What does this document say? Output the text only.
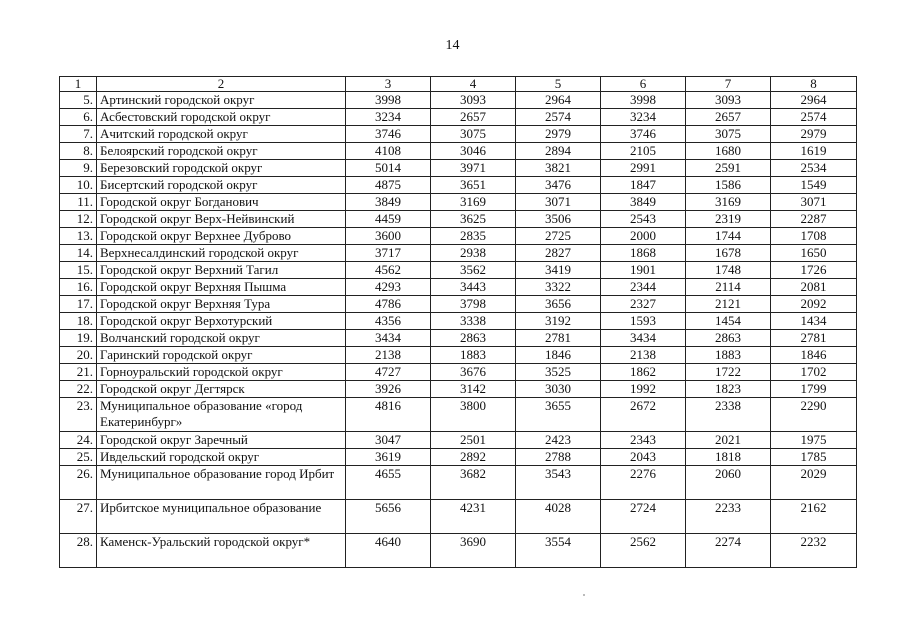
14
1	2	3	4	5	6	7	8
5.	Артинский городской округ	3998	3093	2964	3998	3093	2964
6.	Асбестовский городской округ	3234	2657	2574	3234	2657	2574
7.	Ачитский городской округ	3746	3075	2979	3746	3075	2979
8.	Белоярский городской округ	4108	3046	2894	2105	1680	1619
9.	Березовский городской округ	5014	3971	3821	2991	2591	2534
10.	Бисертский городской округ	4875	3651	3476	1847	1586	1549
11.	Городской округ Богданович	3849	3169	3071	3849	3169	3071
12.	Городской округ Верх-Нейвинский	4459	3625	3506	2543	2319	2287
13.	Городской округ Верхнее Дуброво	3600	2835	2725	2000	1744	1708
14.	Верхнесалдинский городской округ	3717	2938	2827	1868	1678	1650
15.	Городской округ Верхний Тагил	4562	3562	3419	1901	1748	1726
16.	Городской округ Верхняя Пышма	4293	3443	3322	2344	2114	2081
17.	Городской округ Верхняя Тура	4786	3798	3656	2327	2121	2092
18.	Городской округ Верхотурский	4356	3338	3192	1593	1454	1434
19.	Волчанский городской округ	3434	2863	2781	3434	2863	2781
20.	Гаринский городской округ	2138	1883	1846	2138	1883	1846
21.	Горноуральский городской округ	4727	3676	3525	1862	1722	1702
22.	Городской округ Дегтярск	3926	3142	3030	1992	1823	1799
23.	Муниципальное образование «город Екатеринбург»	4816	3800	3655	2672	2338	2290
24.	Городской округ Заречный	3047	2501	2423	2343	2021	1975
25.	Ивдельский городской округ	3619	2892	2788	2043	1818	1785
26.	Муниципальное образование город Ирбит	4655	3682	3543	2276	2060	2029
27.	Ирбитское муниципальное образование	5656	4231	4028	2724	2233	2162
28.	Каменск-Уральский городской округ*	4640	3690	3554	2562	2274	2232
